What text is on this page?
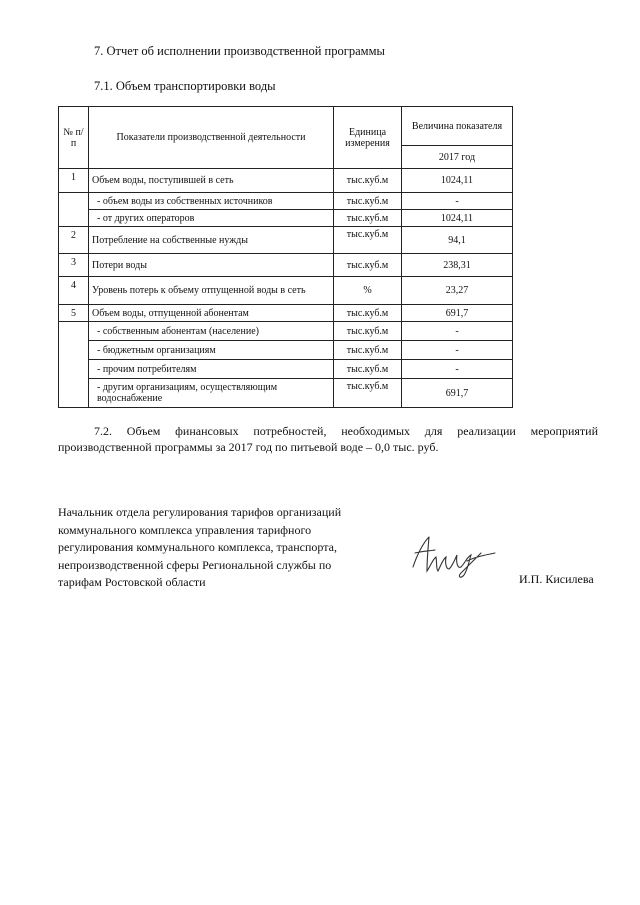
7. Отчет об исполнении производственной программы
7.1. Объем транспортировки воды
№ п/п	Показатели производственной деятельности	Единица измерения	Величина показателя
			2017 год
1	Объем воды, поступившей в сеть	тыс.куб.м	1024,11
	- объем воды из собственных источников	тыс.куб.м	-
	- от других операторов	тыс.куб.м	1024,11
2	Потребление на собственные нужды	тыс.куб.м	94,1
3	Потери воды	тыс.куб.м	238,31
4	Уровень потерь к объему отпущенной воды в сеть	%	23,27
5	Объем воды, отпущенной абонентам	тыс.куб.м	691,7
	- собственным абонентам (население)	тыс.куб.м	-
	- бюджетным организациям	тыс.куб.м	-
	- прочим потребителям	тыс.куб.м	-
	- другим организациям, осуществляющим водоснабжение	тыс.куб.м	691,7
7.2. Объем финансовых потребностей, необходимых для реализации мероприятий производственной программы за 2017 год по питьевой воде – 0,0 тыс. руб.
Начальник отдела регулирования тарифов организаций
коммунального комплекса управления тарифного
регулирования коммунального комплекса, транспорта,
непроизводственной сферы Региональной службы по
тарифам Ростовской области	И.П. Кисилева
